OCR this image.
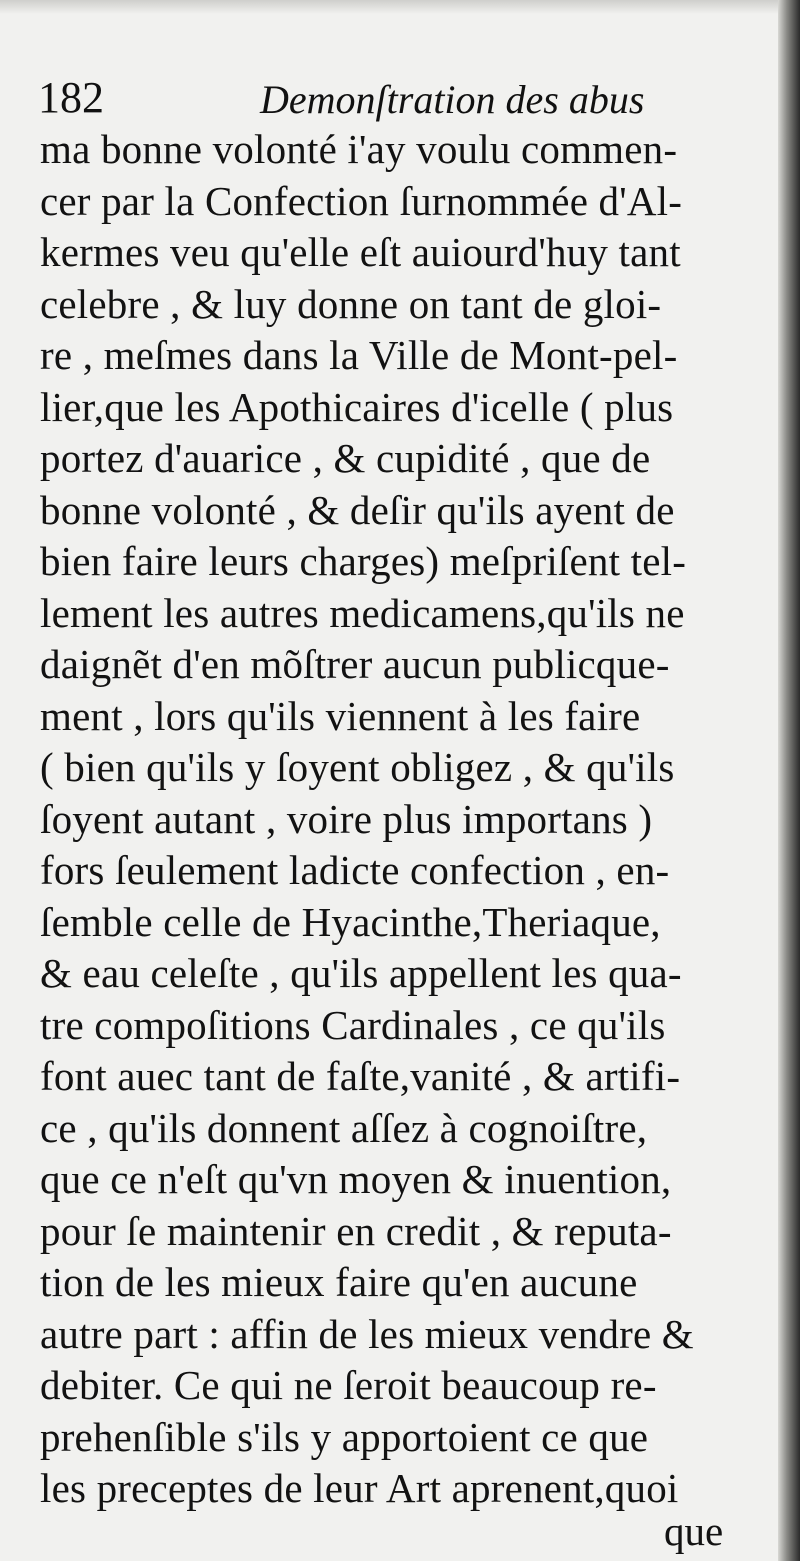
182	Demonſtration des abus
ma bonne volonté i'ay voulu commen-
cer par la Confection ſurnommée d'Al-
kermes veu qu'elle eſt auiourd'huy tant
celebre , & luy donne on tant de gloi-
re , meſmes dans la Ville de Mont-pel-
lier,que les Apothicaires d'icelle ( plus
portez d'auarice , & cupidité , que de
bonne volonté , & deſir qu'ils ayent de
bien faire leurs charges) meſpriſent tel-
lement les autres medicamens,qu'ils ne
daignẽt d'en mõſtrer aucun publicque-
ment , lors qu'ils viennent à les faire
( bien qu'ils y ſoyent obligez , & qu'ils
ſoyent autant , voire plus importans )
fors ſeulement ladicte confection , en-
ſemble celle de Hyacinthe,Theriaque,
& eau celeſte , qu'ils appellent les qua-
tre compoſitions Cardinales , ce qu'ils
font auec tant de faſte,vanité , & artifi-
ce , qu'ils donnent aſſez à cognoiſtre,
que ce n'eſt qu'vn moyen & inuention,
pour ſe maintenir en credit , & reputa-
tion de les mieux faire qu'en aucune
autre part : affin de les mieux vendre &
debiter. Ce qui ne ſeroit beaucoup re-
prehenſible s'ils y apportoient ce que
les preceptes de leur Art aprenent,quoi
que
